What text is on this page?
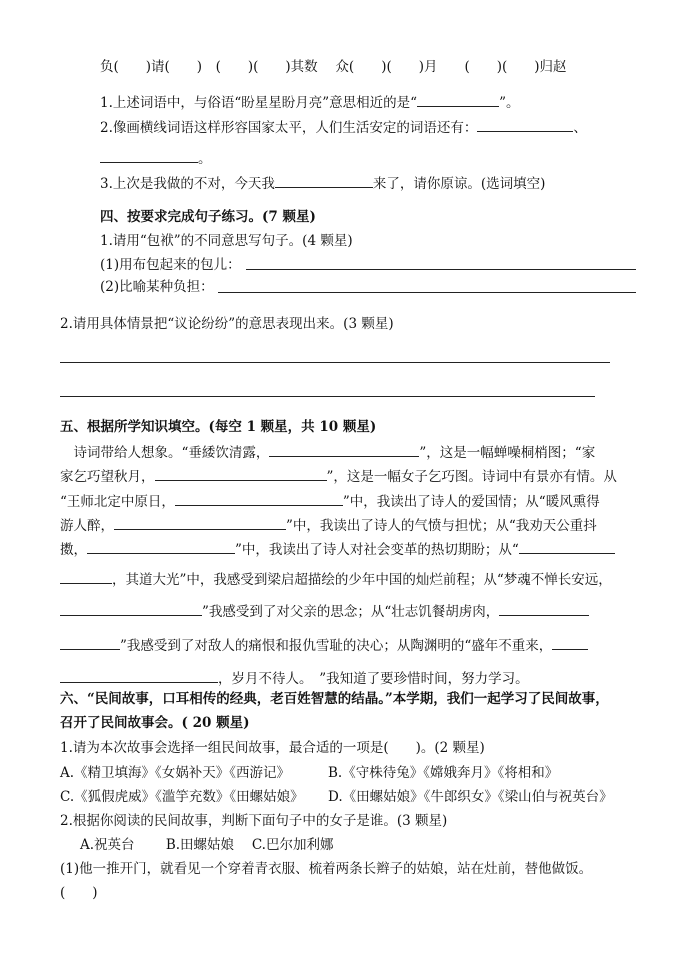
负(　　)请(　　)　(　　)(　　)其数　 众(　　)(　　)月　　(　　)(　　)归赵
1.上述词语中，与俗语“盼星星盼月亮”意思相近的是“	”。
2.像画横线词语这样形容国家太平，人们生活安定的词语还有：	、
。
3.上次是我做的不对，今天我	来了，请你原谅。(选词填空)
四、按要求完成句子练习。(7 颗星)
1.请用“包袱”的不同意思写句子。(4 颗星)
(1)用布包起来的包儿：
(2)比喻某种负担：
2.请用具体情景把“议论纷纷”的意思表现出来。(3 颗星)
五、根据所学知识填空。(每空 1 颗星，共 10 颗星)
　诗词带给人想象。“垂緌饮清露，	”，这是一幅蝉噪桐梢图；“家
家乞巧望秋月，	”，这是一幅女子乞巧图。诗词中有景亦有情。从
“王师北定中原日，	”中，我读出了诗人的爱国情；从“暖风熏得
游人醉，	”中，我读出了诗人的气愤与担忧；从“我劝天公重抖
擞，	”中，我读出了诗人对社会变革的热切期盼；从“
，其道大光”中，我感受到梁启超描绘的少年中国的灿烂前程；从“梦魂不惮长安远，
”我感受到了对父亲的思念；从“壮志饥餐胡虏肉，
”我感受到了对敌人的痛恨和报仇雪耻的决心；从陶渊明的“盛年不重来，
，岁月不待人。　”我知道了要珍惜时间，努力学习。
六、“民间故事，口耳相传的经典，老百姓智慧的结晶。”本学期，我们一起学习了民间故事，
召开了民间故事会。( 20 颗星)
1.请为本次故事会选择一组民间故事，最合适的一项是(　　)。(2 颗星)
A.《精卫填海》《女娲补天》《西游记》	B.《守株待兔》《嫦娥奔月》《将相和》
C.《狐假虎威》《滥竽充数》《田螺姑娘》 D.《田螺姑娘》《牛郎织女》《梁山伯与祝英台》
2.根据你阅读的民间故事，判断下面句子中的女子是谁。(3 颗星)
A.祝英台　　 B.田螺姑娘　 C.巴尔加利娜
(1)他一推开门，就看见一个穿着青衣服、梳着两条长辫子的姑娘，站在灶前，替他做饭。
(　　)
